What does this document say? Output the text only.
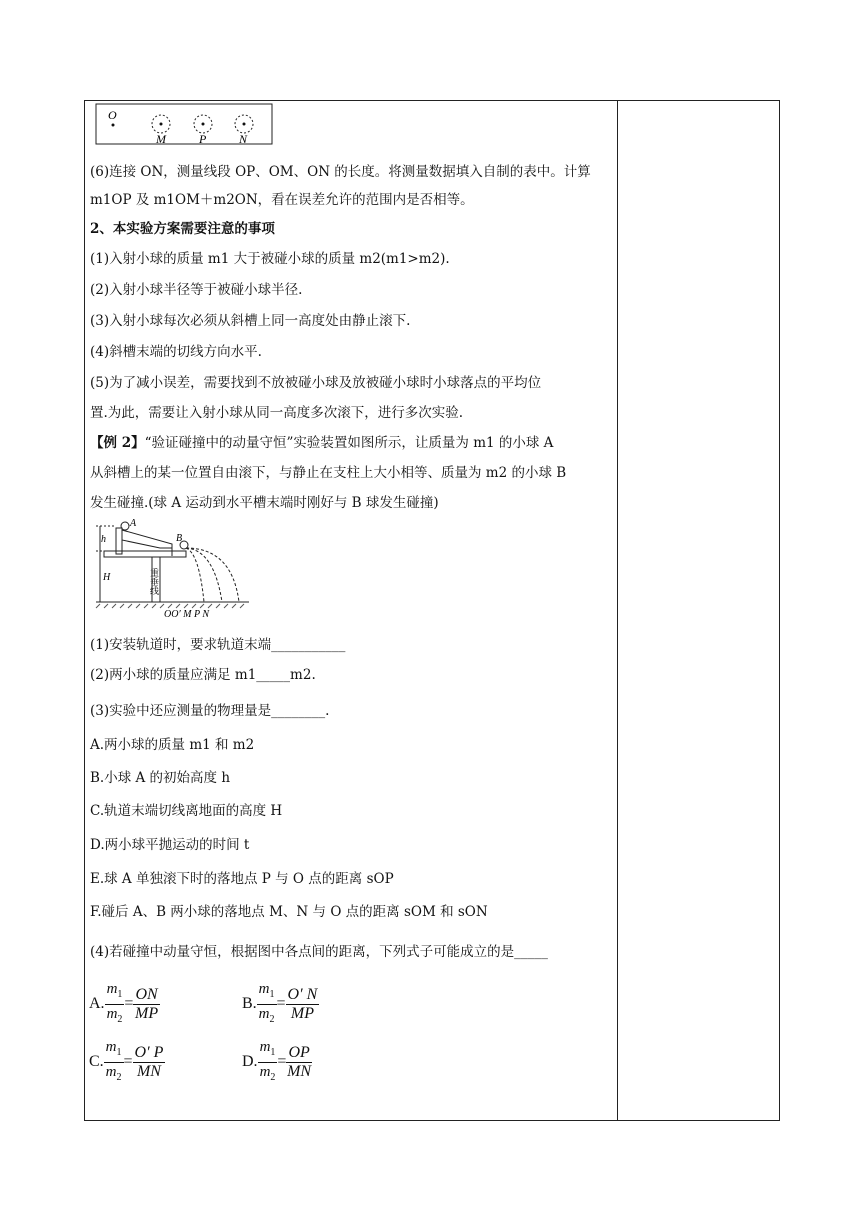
O
M	P	N
(6)连接 ON，测量线段 OP、OM、ON 的长度。将测量数据填入自制的表中。计算
m1OP 及 m1OM＋m2ON，看在误差允许的范围内是否相等。
2、本实验方案需要注意的事项
(1)入射小球的质量 m1 大于被碰小球的质量 m2(m1>m2).
(2)入射小球半径等于被碰小球半径.
(3)入射小球每次必须从斜槽上同一高度处由静止滚下.
(4)斜槽末端的切线方向水平.
(5)为了减小误差，需要找到不放被碰小球及放被碰小球时小球落点的平均位
置.为此，需要让入射小球从同一高度多次滚下，进行多次实验.
【例 2】“验证碰撞中的动量守恒”实验装置如图所示，让质量为 m1 的小球 A
从斜槽上的某一位置自由滚下，与静止在支柱上大小相等、质量为 m2 的小球 B
发生碰撞.(球 A 运动到水平槽末端时刚好与 B 球发生碰撞)
h
H
A
重垂线
B
OO′ M P N
(1)安装轨道时，要求轨道末端___________
(2)两小球的质量应满足 m1_____m2.
(3)实验中还应测量的物理量是________.
A.两小球的质量 m1 和 m2
B.小球 A 的初始高度 h
C.轨道末端切线离地面的高度 H
D.两小球平抛运动的时间 t
E.球 A 单独滚下时的落地点 P 与 O 点的距离 sOP
F.碰后 A、B 两小球的落地点 M、N 与 O 点的距离 sOM 和 sON
(4)若碰撞中动量守恒，根据图中各点间的距离，下列式子可能成立的是_____
A. $\frac{m_1}{m_2} = \frac{ON}{MP}$	B. $\frac{m_1}{m_2} = \frac{O' N}{MP}$
C. $\frac{m_1}{m_2} = \frac{O' P}{MN}$	D. $\frac{m_1}{m_2} = \frac{OP}{MN}$
